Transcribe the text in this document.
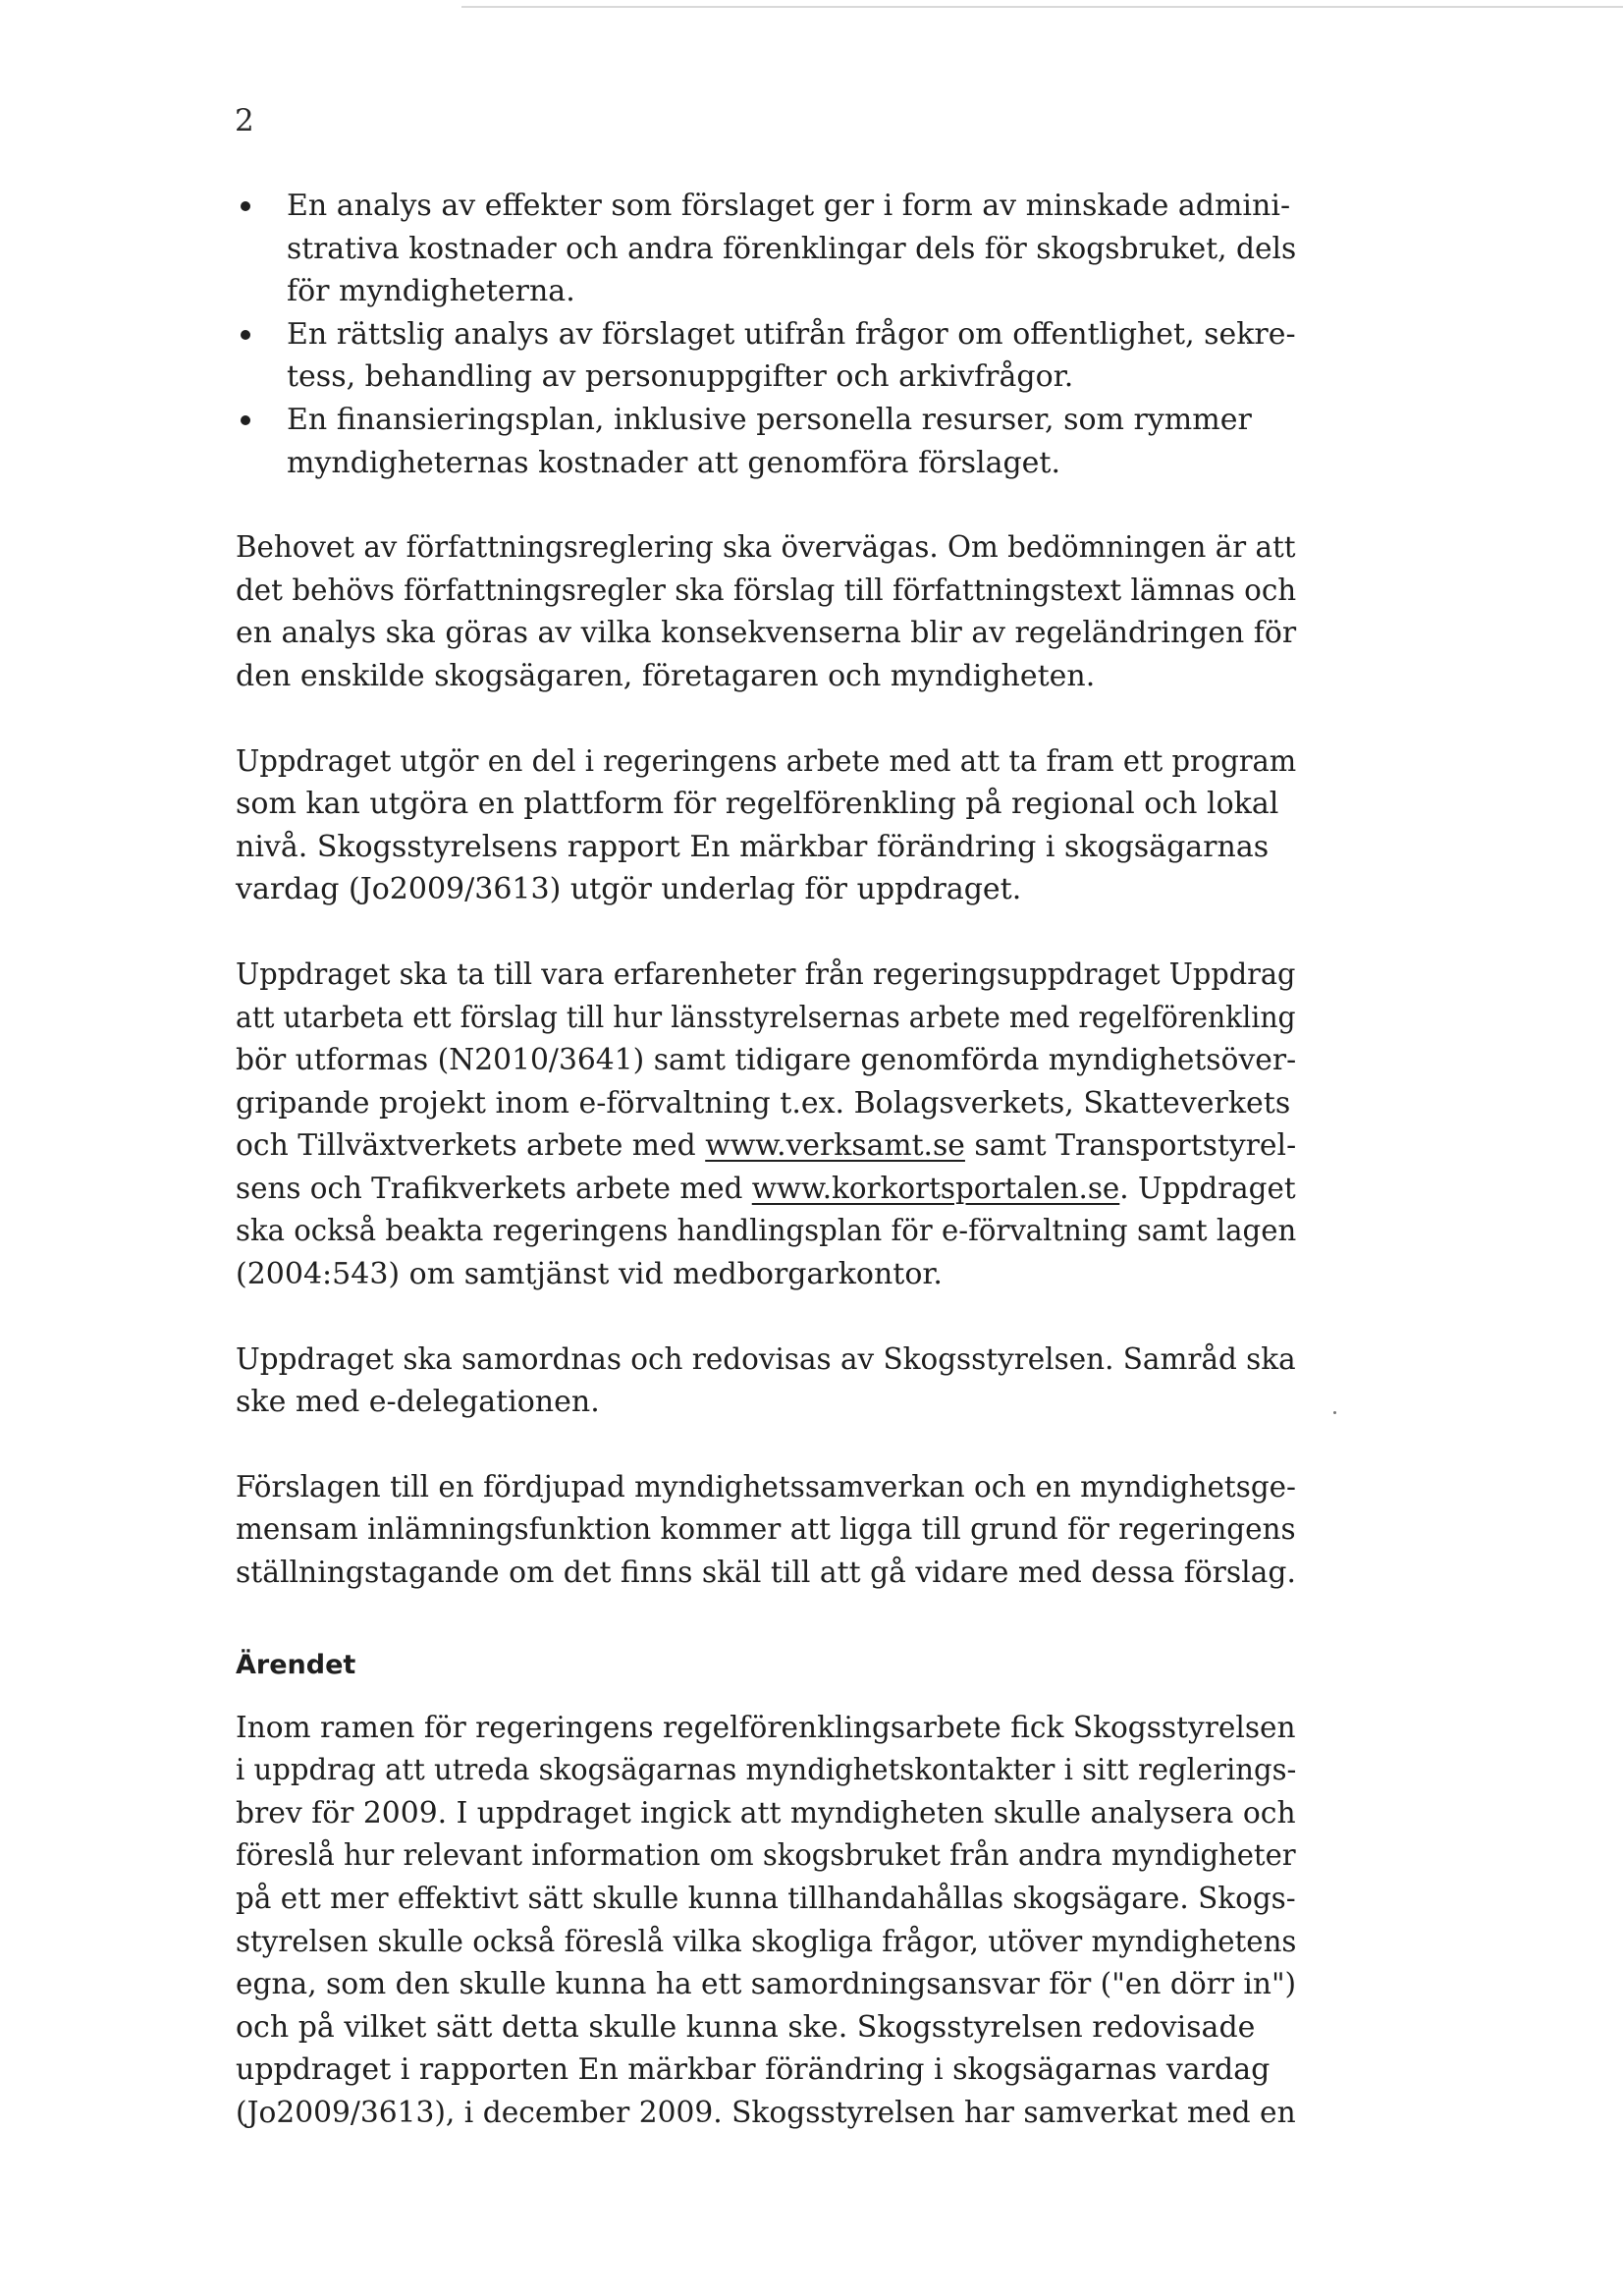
2
En analys av effekter som förslaget ger i form av minskade admini-
strativa kostnader och andra förenklingar dels för skogsbruket, dels
för myndigheterna.
En rättslig analys av förslaget utifrån frågor om offentlighet, sekre-
tess, behandling av personuppgifter och arkivfrågor.
En finansieringsplan, inklusive personella resurser, som rymmer
myndigheternas kostnader att genomföra förslaget.

Behovet av författningsreglering ska övervägas. Om bedömningen är att
det behövs författningsregler ska förslag till författningstext lämnas och
en analys ska göras av vilka konsekvenserna blir av regeländringen för
den enskilde skogsägaren, företagaren och myndigheten.

Uppdraget utgör en del i regeringens arbete med att ta fram ett program
som kan utgöra en plattform för regelförenkling på regional och lokal
nivå. Skogsstyrelsens rapport En märkbar förändring i skogsägarnas
vardag (Jo2009/3613) utgör underlag för uppdraget.

Uppdraget ska ta till vara erfarenheter från regeringsuppdraget Uppdrag
att utarbeta ett förslag till hur länsstyrelsernas arbete med regelförenkling
bör utformas (N2010/3641) samt tidigare genomförda myndighetsöver-
gripande projekt inom e-förvaltning t.ex. Bolagsverkets, Skatteverkets
och Tillväxtverkets arbete med www.verksamt.se samt Transportstyrel-
sens och Trafikverkets arbete med www.korkortsportalen.se. Uppdraget
ska också beakta regeringens handlingsplan för e-förvaltning samt lagen
(2004:543) om samtjänst vid medborgarkontor.

Uppdraget ska samordnas och redovisas av Skogsstyrelsen. Samråd ska
ske med e-delegationen.

Förslagen till en fördjupad myndighetssamverkan och en myndighetsge-
mensam inlämningsfunktion kommer att ligga till grund för regeringens
ställningstagande om det finns skäl till att gå vidare med dessa förslag.

Ärendet

Inom ramen för regeringens regelförenklingsarbete fick Skogsstyrelsen
i uppdrag att utreda skogsägarnas myndighetskontakter i sitt reglerings-
brev för 2009. I uppdraget ingick att myndigheten skulle analysera och
föreslå hur relevant information om skogsbruket från andra myndigheter
på ett mer effektivt sätt skulle kunna tillhandahållas skogsägare. Skogs-
styrelsen skulle också föreslå vilka skogliga frågor, utöver myndighetens
egna, som den skulle kunna ha ett samordningsansvar för ("en dörr in")
och på vilket sätt detta skulle kunna ske. Skogsstyrelsen redovisade
uppdraget i rapporten En märkbar förändring i skogsägarnas vardag
(Jo2009/3613), i december 2009. Skogsstyrelsen har samverkat med en
